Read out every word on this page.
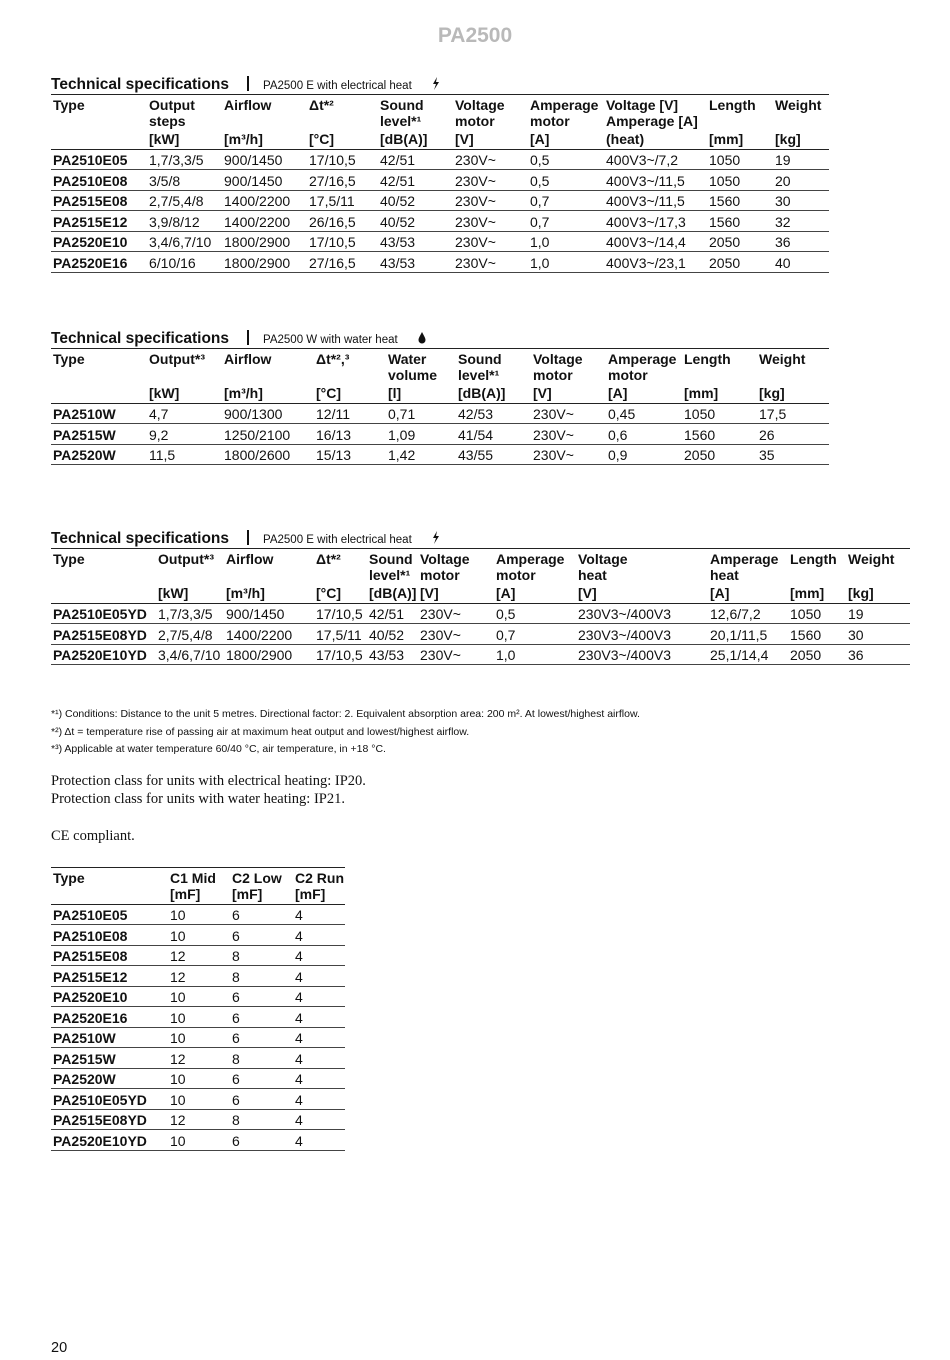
PA2500
Technical specifications	PA2500 E with electrical heat
Type	Output	Airflow	Δt*²	Sound	Voltage	Amperage	Voltage [V]	Length	Weight
	steps			level*¹	motor	motor	Amperage [A]		
	[kW]	[m³/h]	[°C]	[dB(A)]	[V]	[A]	(heat)	[mm]	[kg]
PA2510E05	1,7/3,3/5	900/1450	17/10,5	42/51	230V~	0,5	400V3~/7,2	1050	19
PA2510E08	3/5/8	900/1450	27/16,5	42/51	230V~	0,5	400V3~/11,5	1050	20
PA2515E08	2,7/5,4/8	1400/2200	17,5/11	40/52	230V~	0,7	400V3~/11,5	1560	30
PA2515E12	3,9/8/12	1400/2200	26/16,5	40/52	230V~	0,7	400V3~/17,3	1560	32
PA2520E10	3,4/6,7/10	1800/2900	17/10,5	43/53	230V~	1,0	400V3~/14,4	2050	36
PA2520E16	6/10/16	1800/2900	27/16,5	43/53	230V~	1,0	400V3~/23,1	2050	40
Technical specifications	PA2500 W with water heat
Type	Output*³	Airflow	Δt*²,³	Water	Sound	Voltage	Amperage	Length	Weight
				volume	level*¹	motor	motor		
	[kW]	[m³/h]	[°C]	[l]	[dB(A)]	[V]	[A]	[mm]	[kg]
PA2510W	4,7	900/1300	12/11	0,71	42/53	230V~	0,45	1050	17,5
PA2515W	9,2	1250/2100	16/13	1,09	41/54	230V~	0,6	1560	26
PA2520W	11,5	1800/2600	15/13	1,42	43/55	230V~	0,9	2050	35
Technical specifications	PA2500 E with electrical heat
Type	Output*³	Airflow	Δt*²	Sound	Voltage	Amperage	Voltage	Amperage	Length	Weight
				level*¹	motor	motor	heat	heat		
	[kW]	[m³/h]	[°C]	[dB(A)]	[V]	[A]	[V]	[A]	[mm]	[kg]
PA2510E05YD	1,7/3,3/5	900/1450	17/10,5	42/51	230V~	0,5	230V3~/400V3	12,6/7,2	1050	19
PA2515E08YD	2,7/5,4/8	1400/2200	17,5/11	40/52	230V~	0,7	230V3~/400V3	20,1/11,5	1560	30
PA2520E10YD	3,4/6,7/10	1800/2900	17/10,5	43/53	230V~	1,0	230V3~/400V3	25,1/14,4	2050	36
*¹) Conditions: Distance to the unit 5 metres. Directional factor: 2. Equivalent absorption area: 200 m². At lowest/highest airflow.
*²) Δt = temperature rise of passing air at maximum heat output and lowest/highest airflow.
*³) Applicable at water temperature 60/40 °C, air temperature, in +18 °C.
Protection class for units with electrical heating: IP20.
Protection class for units with water heating: IP21.
CE compliant.
Type	C1 Mid	C2 Low	C2 Run
	[mF]	[mF]	[mF]
PA2510E05	10	6	4
PA2510E08	10	6	4
PA2515E08	12	8	4
PA2515E12	12	8	4
PA2520E10	10	6	4
PA2520E16	10	6	4
PA2510W	10	6	4
PA2515W	12	8	4
PA2520W	10	6	4
PA2510E05YD	10	6	4
PA2515E08YD	12	8	4
PA2520E10YD	10	6	4
20
